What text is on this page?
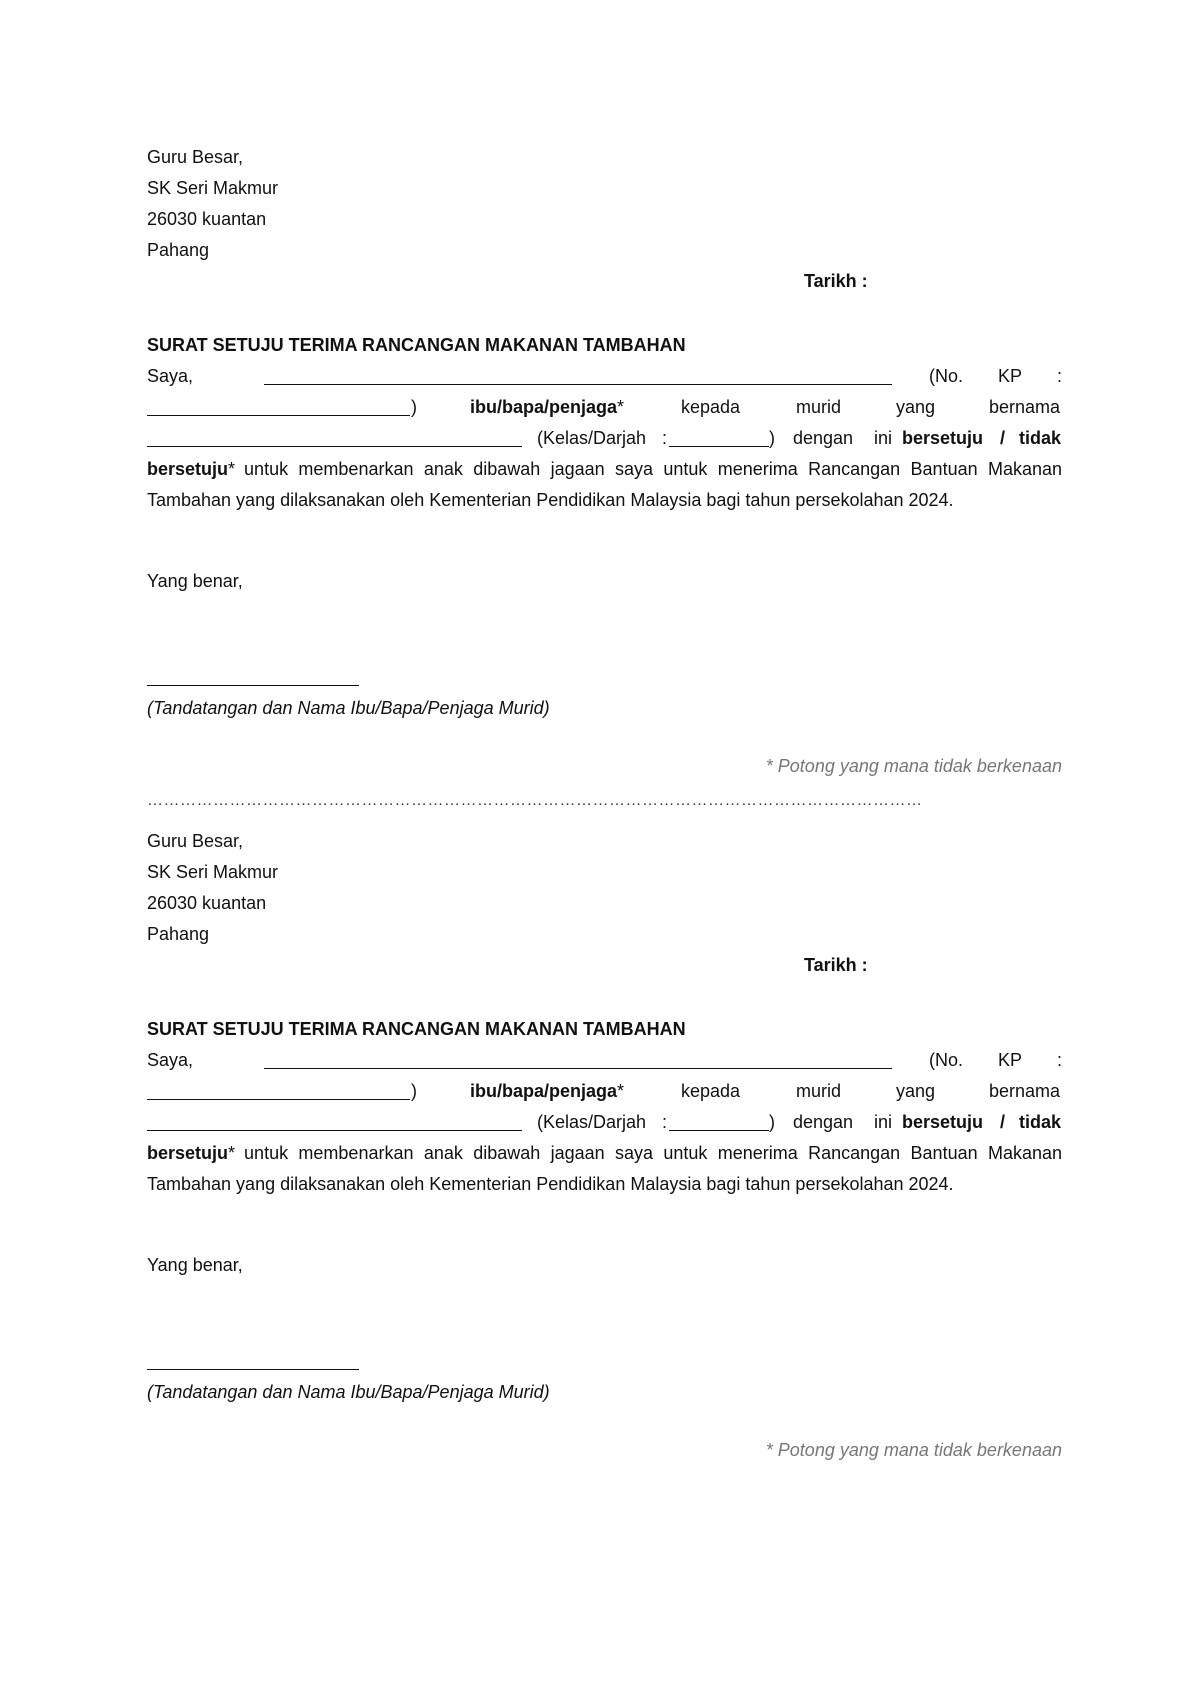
Guru Besar,
SK Seri Makmur
26030 kuantan
Pahang
Tarikh :
SURAT SETUJU TERIMA RANCANGAN MAKANAN TAMBAHAN
Saya,	(No. KP :
)	ibu/bapa/penjaga*	kepada	murid	yang	bernama
(Kelas/Darjah :	) dengan ini bersetuju / tidak
bersetuju* untuk membenarkan anak dibawah jagaan saya untuk menerima Rancangan Bantuan Makanan
Tambahan yang dilaksanakan oleh Kementerian Pendidikan Malaysia bagi tahun persekolahan 2024.
Yang benar,
(Tandatangan dan Nama Ibu/Bapa/Penjaga Murid)
* Potong yang mana tidak berkenaan
……………………………………………………………………………………………………………………………
Guru Besar,
SK Seri Makmur
26030 kuantan
Pahang
Tarikh :
SURAT SETUJU TERIMA RANCANGAN MAKANAN TAMBAHAN
Saya,	(No. KP :
)	ibu/bapa/penjaga*	kepada	murid	yang	bernama
(Kelas/Darjah :	) dengan ini bersetuju / tidak
bersetuju* untuk membenarkan anak dibawah jagaan saya untuk menerima Rancangan Bantuan Makanan
Tambahan yang dilaksanakan oleh Kementerian Pendidikan Malaysia bagi tahun persekolahan 2024.
Yang benar,
(Tandatangan dan Nama Ibu/Bapa/Penjaga Murid)
* Potong yang mana tidak berkenaan
